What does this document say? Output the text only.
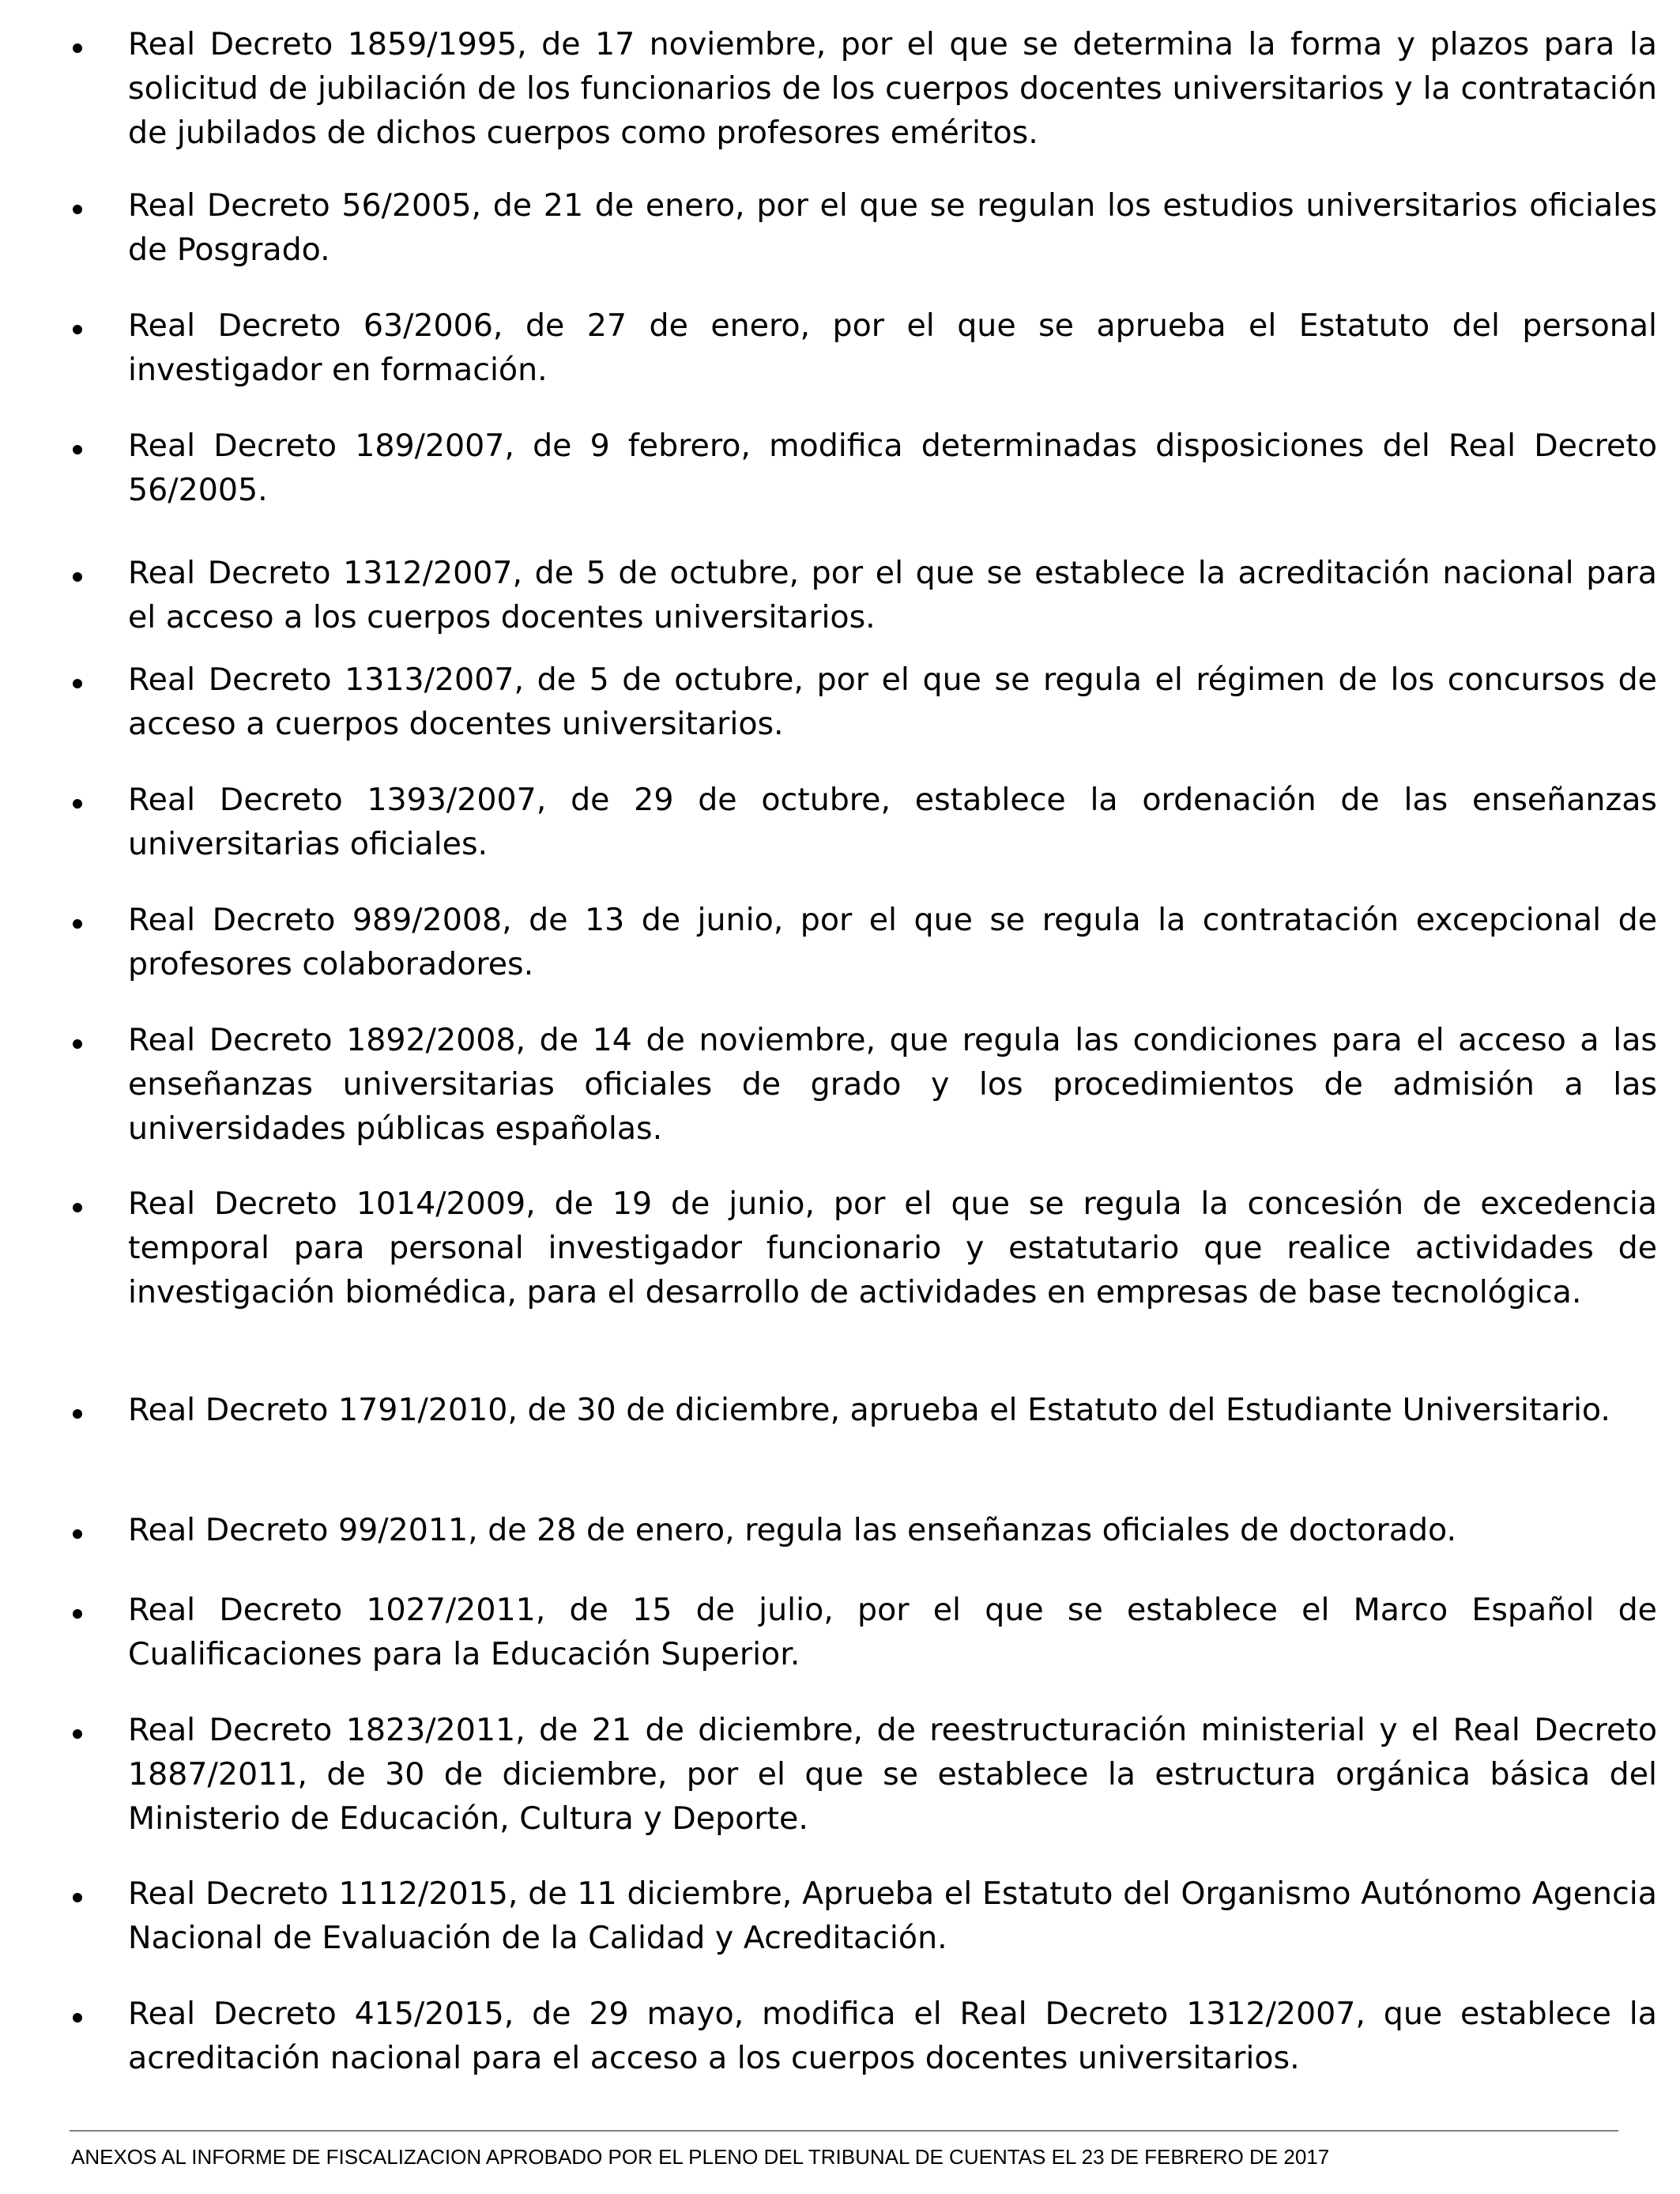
Real Decreto 1859/1995, de 17 noviembre, por el que se determina la forma y plazos para la solicitud de jubilación de los funcionarios de los cuerpos docentes universitarios y la contratación de jubilados de dichos cuerpos como profesores eméritos.
Real Decreto 56/2005, de 21 de enero, por el que se regulan los estudios universitarios oficiales de Posgrado.
Real Decreto 63/2006, de 27 de enero, por el que se aprueba el Estatuto del personal investigador en formación.
Real Decreto 189/2007, de 9 febrero, modifica determinadas disposiciones del Real Decreto 56/2005.
Real Decreto 1312/2007, de 5 de octubre, por el que se establece la acreditación nacional para el acceso a los cuerpos docentes universitarios.
Real Decreto 1313/2007, de 5 de octubre, por el que se regula el régimen de los concursos de acceso a cuerpos docentes universitarios.
Real Decreto 1393/2007, de 29 de octubre, establece la ordenación de las enseñanzas universitarias oficiales.
Real Decreto 989/2008, de 13 de junio, por el que se regula la contratación excepcional de profesores colaboradores.
Real Decreto 1892/2008, de 14 de noviembre, que regula las condiciones para el acceso a las enseñanzas universitarias oficiales de grado y los procedimientos de admisión a las universidades públicas españolas.
Real Decreto 1014/2009, de 19 de junio, por el que se regula la concesión de excedencia temporal para personal investigador funcionario y estatutario que realice actividades de investigación biomédica, para el desarrollo de actividades en empresas de base tecnológica.
Real Decreto 1791/2010, de 30 de diciembre, aprueba el Estatuto del Estudiante Universitario.
Real Decreto 99/2011, de 28 de enero, regula las enseñanzas oficiales de doctorado.
Real Decreto 1027/2011, de 15 de julio, por el que se establece el Marco Español de Cualificaciones para la Educación Superior.
Real Decreto 1823/2011, de 21 de diciembre, de reestructuración ministerial y el Real Decreto 1887/2011, de 30 de diciembre, por el que se establece la estructura orgánica básica del Ministerio de Educación, Cultura y Deporte.
Real Decreto 1112/2015, de 11 diciembre, Aprueba el Estatuto del Organismo Autónomo Agencia Nacional de Evaluación de la Calidad y Acreditación.
Real Decreto 415/2015, de 29 mayo, modifica el Real Decreto 1312/2007, que establece la acreditación nacional para el acceso a los cuerpos docentes universitarios.
ANEXOS AL INFORME DE FISCALIZACION APROBADO POR EL PLENO DEL TRIBUNAL DE CUENTAS EL 23 DE FEBRERO DE 2017
